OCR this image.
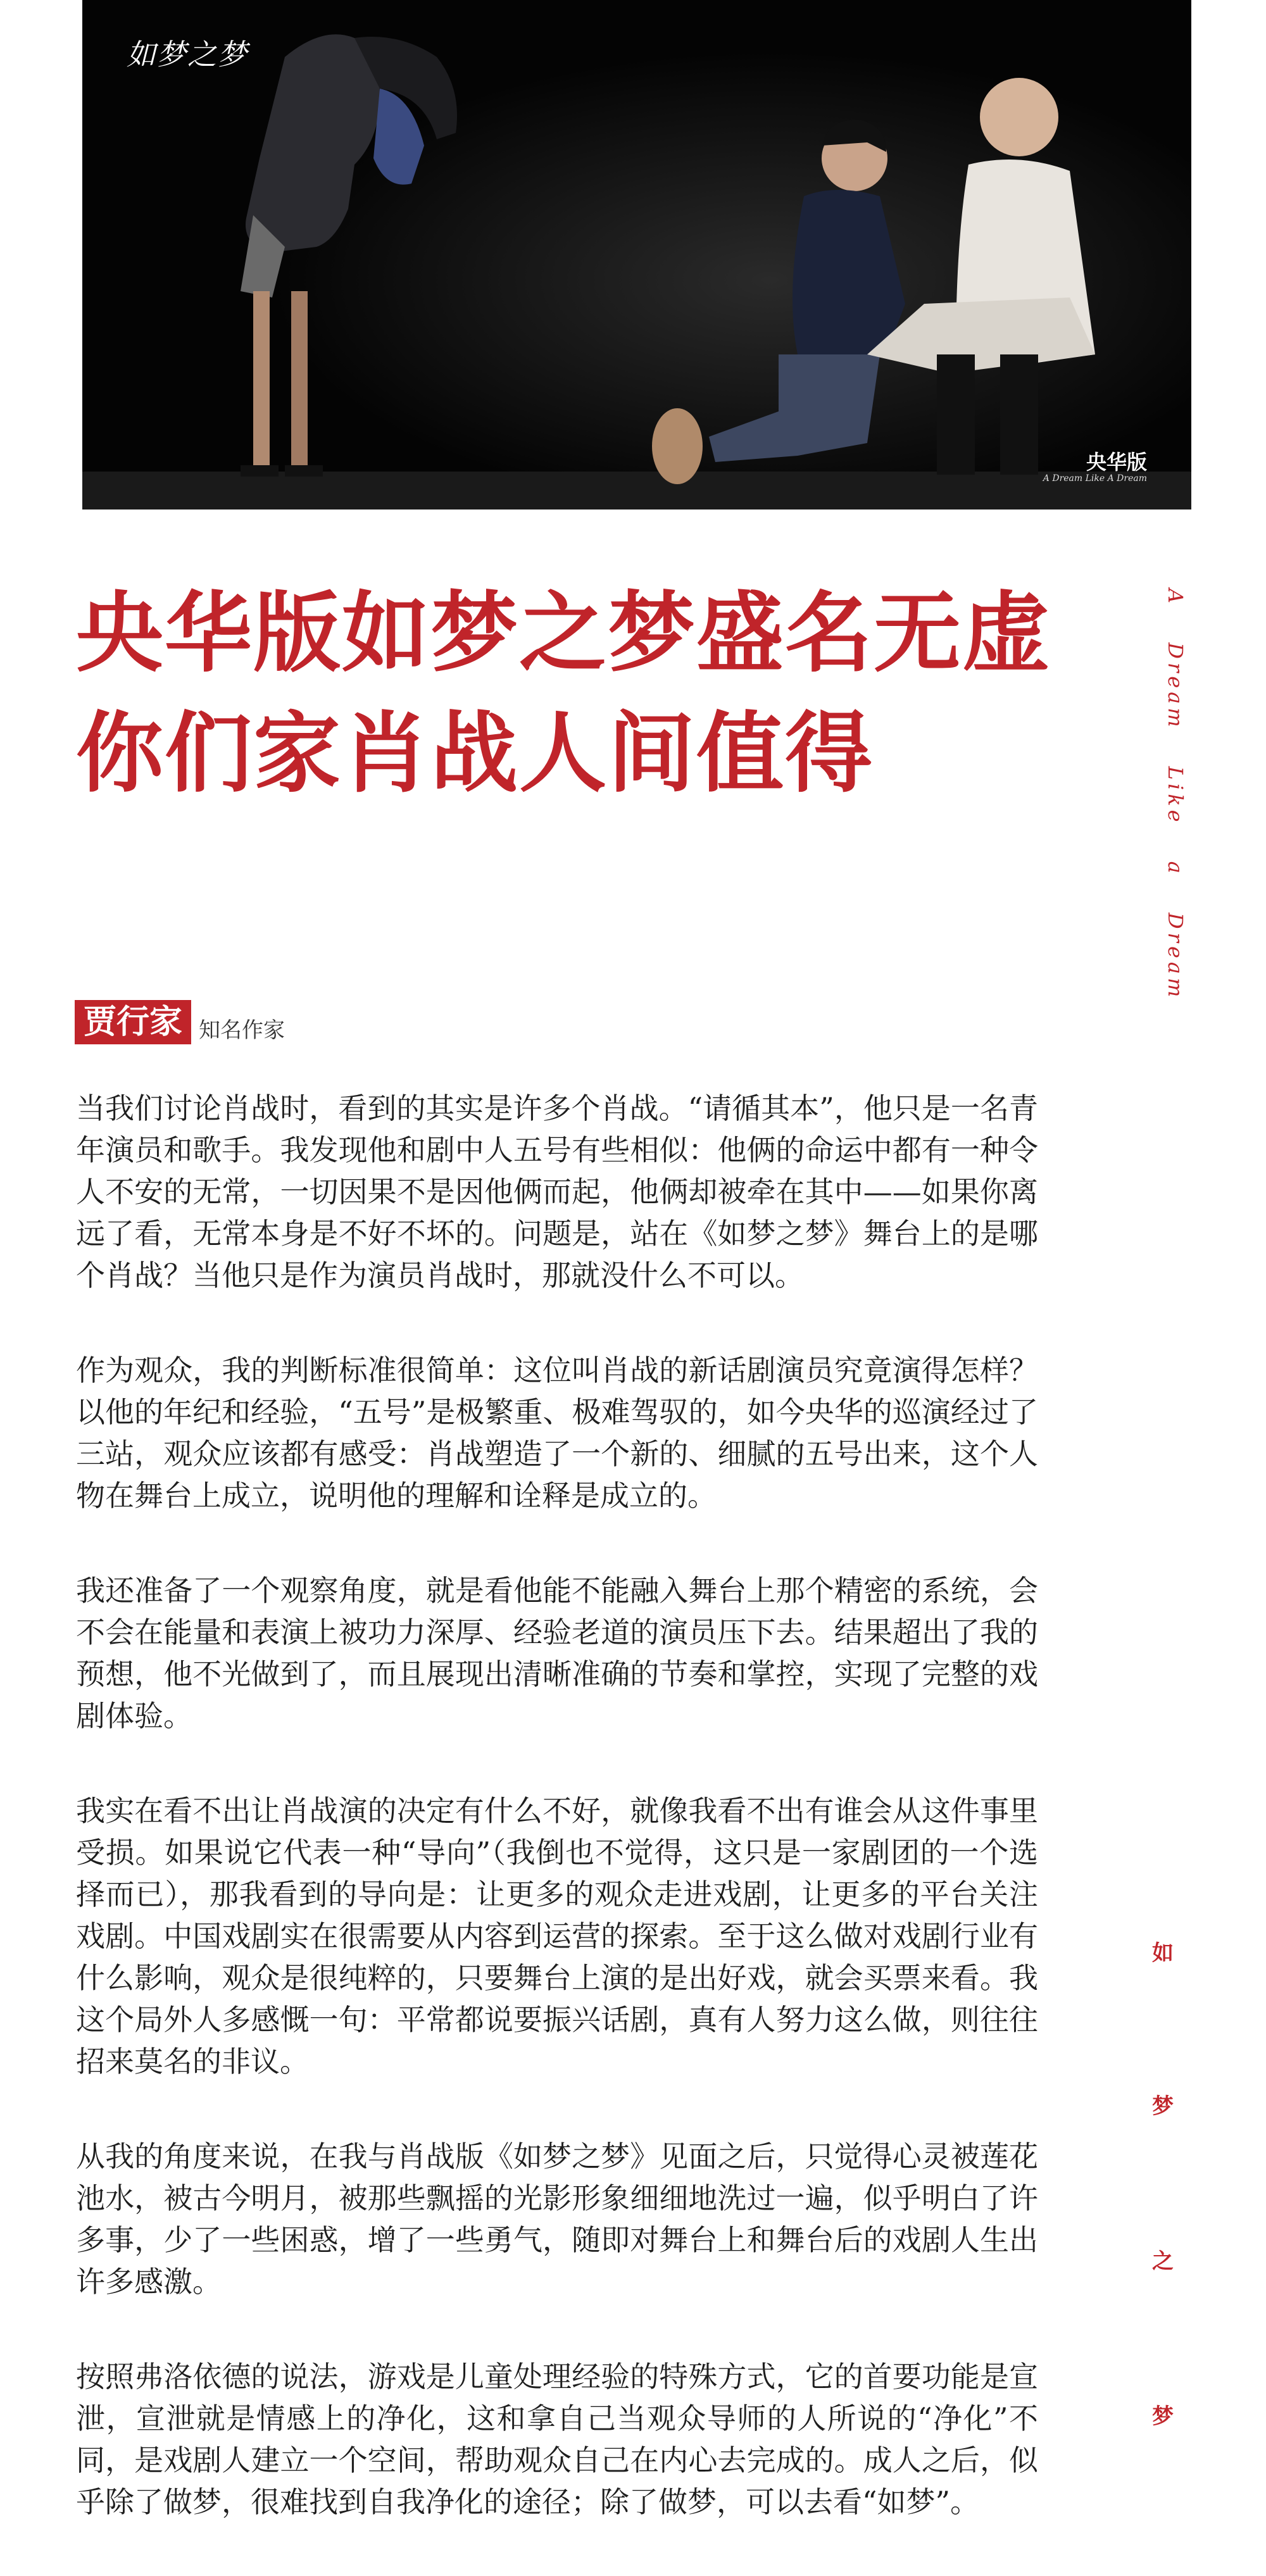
如梦之梦
央华版
A Dream Like A Dream
央华版如梦之梦盛名无虚
你们家肖战人间值得	A Dream Like a Dream
如
梦
之
梦
贾行家 知名作家

当我们讨论肖战时，看到的其实是许多个肖战。“请循其本”，他只是一名青年演员和歌手。我发现他和剧中人五号有些相似：他俩的命运中都有一种令人不安的无常，一切因果不是因他俩而起，他俩却被牵在其中——如果你离远了看，无常本身是不好不坏的。问题是，站在《如梦之梦》舞台上的是哪个肖战？当他只是作为演员肖战时，那就没什么不可以。

作为观众，我的判断标准很简单：这位叫肖战的新话剧演员究竟演得怎样？以他的年纪和经验，“五号”是极繁重、极难驾驭的，如今央华的巡演经过了三站，观众应该都有感受：肖战塑造了一个新的、细腻的五号出来，这个人物在舞台上成立，说明他的理解和诠释是成立的。

我还准备了一个观察角度，就是看他能不能融入舞台上那个精密的系统，会不会在能量和表演上被功力深厚、经验老道的演员压下去。结果超出了我的预想，他不光做到了，而且展现出清晰准确的节奏和掌控，实现了完整的戏剧体验。

我实在看不出让肖战演的决定有什么不好，就像我看不出有谁会从这件事里受损。如果说它代表一种“导向”（我倒也不觉得，这只是一家剧团的一个选择而已），那我看到的导向是：让更多的观众走进戏剧，让更多的平台关注戏剧。中国戏剧实在很需要从内容到运营的探索。至于这么做对戏剧行业有什么影响，观众是很纯粹的，只要舞台上演的是出好戏，就会买票来看。我这个局外人多感慨一句：平常都说要振兴话剧，真有人努力这么做，则往往招来莫名的非议。

从我的角度来说，在我与肖战版《如梦之梦》见面之后，只觉得心灵被莲花池水，被古今明月，被那些飘摇的光影形象细细地洗过一遍，似乎明白了许多事，少了一些困惑，增了一些勇气，随即对舞台上和舞台后的戏剧人生出许多感激。

按照弗洛依德的说法，游戏是儿童处理经验的特殊方式，它的首要功能是宣泄，宣泄就是情感上的净化，这和拿自己当观众导师的人所说的“净化”不同，是戏剧人建立一个空间，帮助观众自己在内心去完成的。成人之后，似乎除了做梦，很难找到自我净化的途径；除了做梦，可以去看“如梦”。
